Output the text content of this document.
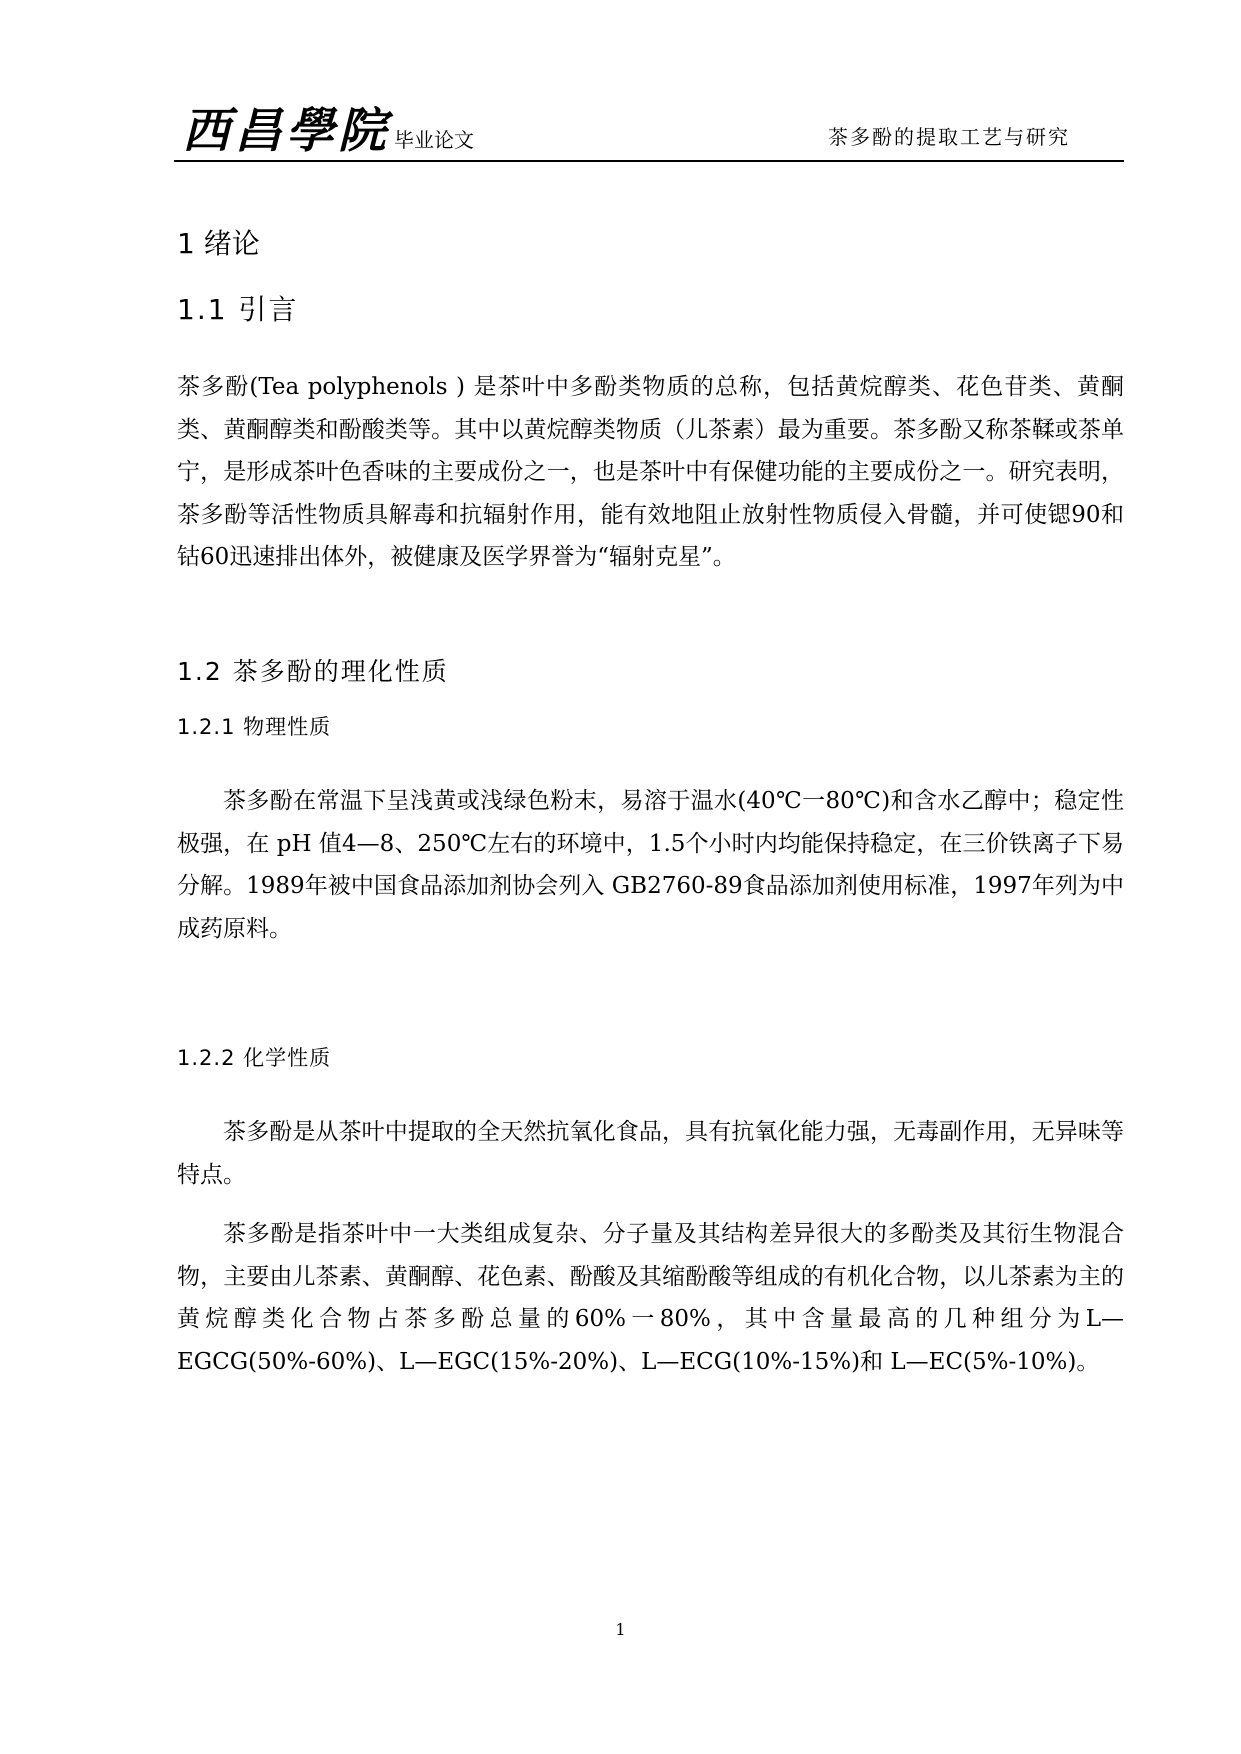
西昌學院 毕业论文	茶多酚的提取工艺与研究
1 绪论
1.1 引言

茶多酚(Tea polyphenols ) 是茶叶中多酚类物质的总称，包括黄烷醇类、花色苷类、黄酮类、黄酮醇类和酚酸类等。其中以黄烷醇类物质（儿茶素）最为重要。茶多酚又称茶鞣或茶单宁，是形成茶叶色香味的主要成份之一，也是茶叶中有保健功能的主要成份之一。研究表明，茶多酚等活性物质具解毒和抗辐射作用，能有效地阻止放射性物质侵入骨髓，并可使锶90和钴60迅速排出体外，被健康及医学界誉为“辐射克星”。

1.2 茶多酚的理化性质
1.2.1 物理性质

茶多酚在常温下呈浅黄或浅绿色粉末，易溶于温水(40℃一80℃)和含水乙醇中；稳定性极强，在 pH 值4—8、250℃左右的环境中，1.5个小时内均能保持稳定，在三价铁离子下易分解。1989年被中国食品添加剂协会列入 GB2760-89食品添加剂使用标准，1997年列为中成药原料。

1.2.2 化学性质

茶多酚是从茶叶中提取的全天然抗氧化食品，具有抗氧化能力强，无毒副作用，无异味等特点。

茶多酚是指茶叶中一大类组成复杂、分子量及其结构差异很大的多酚类及其衍生物混合物，主要由儿茶素、黄酮醇、花色素、酚酸及其缩酚酸等组成的有机化合物，以儿茶素为主的黄烷醇类化合物占茶多酚总量的60%一80%，其中含量最高的几种组分为L—EGCG(50%-60%)、L—EGC(15%-20%)、L—ECG(10%-15%)和 L—EC(5%-10%)。

1
